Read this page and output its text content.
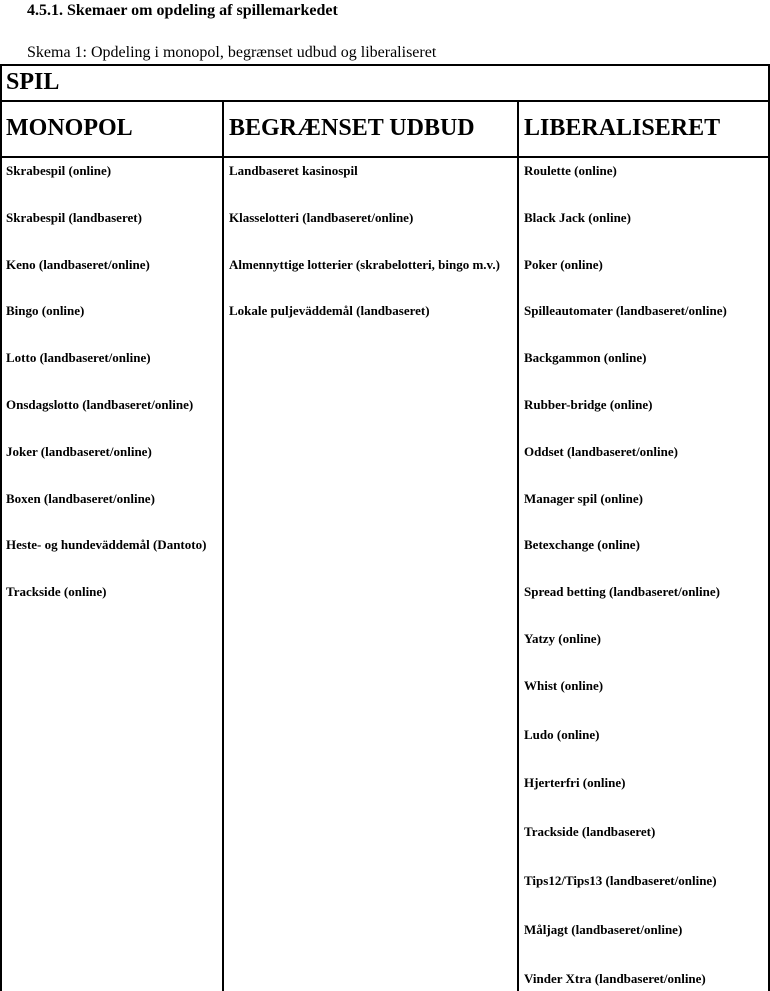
4.5.1. Skemaer om opdeling af spillemarkedet
Skema 1: Opdeling i monopol, begrænset udbud og liberaliseret
SPIL
MONOPOL	BEGRÆNSET UDBUD LIBERALISERET
Skrabespil (online)
Skrabespil (landbaseret)
Keno (landbaseret/online)
Bingo (online)
Lotto (landbaseret/online)
Onsdagslotto (landbaseret/online)
Joker (landbaseret/online)
Boxen (landbaseret/online)
Heste- og hundeväddemål (Dantoto)
Trackside (online)
Landbaseret kasinospil
Klasselotteri (landbaseret/online)
Almennyttige lotterier (skrabelotteri, bingo m.v.)
Lokale puljeväddemål (landbaseret)
Roulette (online)
Black Jack (online)
Poker (online)
Spilleautomater (landbaseret/online)
Backgammon (online)
Rubber-bridge (online)
Oddset (landbaseret/online)
Manager spil (online)
Betexchange (online)
Spread betting (landbaseret/online)
Yatzy (online)
Whist (online)
Ludo (online)
Hjerterfri (online)
Trackside (landbaseret)
Tips12/Tips13 (landbaseret/online)
Måljagt (landbaseret/online)
Vinder Xtra (landbaseret/online)
